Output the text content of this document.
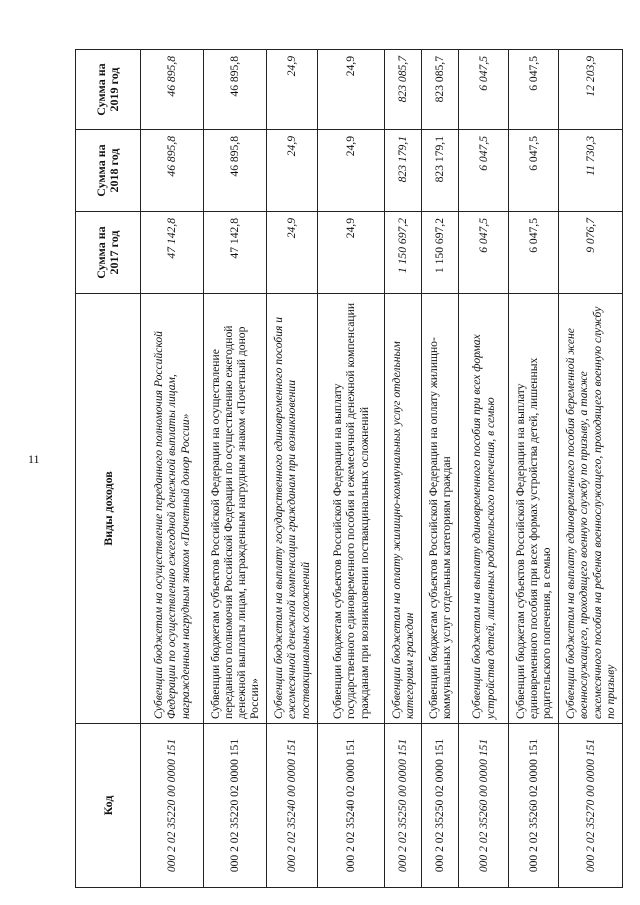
11
Код	Виды доходов	Сумма на 2017 год	Сумма на 2018 год	Сумма на 2019 год
000 2 02 35220 00 0000 151	Субвенции бюджетам на осуществление переданного полномочия Российской Федерации по осуществлению ежегодной денежной выплаты лицам, награжденным нагрудным знаком «Почетный донор России»	47 142,8	46 895,8	46 895,8
000 2 02 35220 02 0000 151	Субвенции бюджетам субъектов Российской Федерации на осуществление переданного полномочия Российской Федерации по осуществлению ежегодной денежной выплаты лицам, награжденным нагрудным знаком «Почетный донор России»	47 142,8	46 895,8	46 895,8
000 2 02 35240 00 0000 151	Субвенции бюджетам на выплату государственного единовременного пособия и ежемесячной денежной компенсации гражданам при возникновении поствакцинальных осложнений	24,9	24,9	24,9
000 2 02 35240 02 0000 151	Субвенции бюджетам субъектов Российской Федерации на выплату государственного единовременного пособия и ежемесячной денежной компенсации гражданам при возникновении поствакцинальных осложнений	24,9	24,9	24,9
000 2 02 35250 00 0000 151	Субвенции бюджетам на оплату жилищно-коммунальных услуг отдельным категориям граждан	1 150 697,2	823 179,1	823 085,7
000 2 02 35250 02 0000 151	Субвенции бюджетам субъектов Российской Федерации на оплату жилищно-коммунальных услуг отдельным категориям граждан	1 150 697,2	823 179,1	823 085,7
000 2 02 35260 00 0000 151	Субвенции бюджетам на выплату единовременного пособия при всех формах устройства детей, лишенных родительского попечения, в семью	6 047,5	6 047,5	6 047,5
000 2 02 35260 02 0000 151	Субвенции бюджетам субъектов Российской Федерации на выплату единовременного пособия при всех формах устройства детей, лишенных родительского попечения, в семью	6 047,5	6 047,5	6 047,5
000 2 02 35270 00 0000 151	Субвенции бюджетам на выплату единовременного пособия беременной жене военнослужащего, проходящего военную службу по призыву, а также ежемесячного пособия на ребенка военнослужащего, проходящего военную службу по призыву	9 076,7	11 730,3	12 203,9
